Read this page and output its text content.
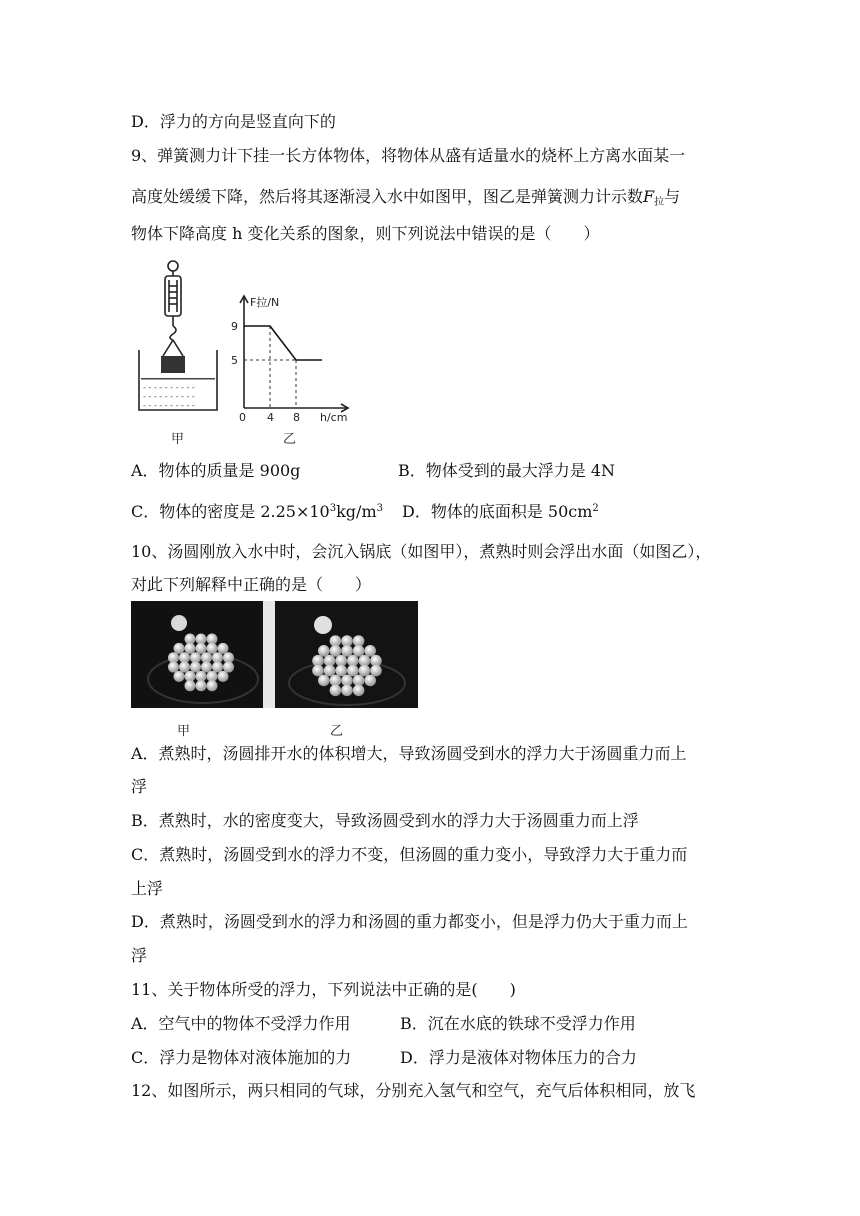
D．浮力的方向是竖直向下的
9、弹簧测力计下挂一长方体物体，将物体从盛有适量水的烧杯上方离水面某一
高度处缓缓下降，然后将其逐渐浸入水中如图甲，图乙是弹簧测力计示数$F_拉$与
物体下降高度 h 变化关系的图象，则下列说法中错误的是（　　）
- - - - - - - - - -
- - - - - - - - - -
- - - - - - - - - -
甲
F拉/N
h/cm
0
9
5
4 8
乙
A．物体的质量是 900g	B．物体受到的最大浮力是 4N
C．物体的密度是 $2.25\times 10^3kg/m^3$ D．物体的底面积是 $50cm^2$
10、汤圆刚放入水中时，会沉入锅底（如图甲），煮熟时则会浮出水面（如图乙），
对此下列解释中正确的是（　　）
甲	乙
A．煮熟时，汤圆排开水的体积增大，导致汤圆受到水的浮力大于汤圆重力而上
浮
B．煮熟时，水的密度变大，导致汤圆受到水的浮力大于汤圆重力而上浮
C．煮熟时，汤圆受到水的浮力不变，但汤圆的重力变小，导致浮力大于重力而
上浮
D．煮熟时，汤圆受到水的浮力和汤圆的重力都变小，但是浮力仍大于重力而上
浮
11、关于物体所受的浮力，下列说法中正确的是(　　)
A．空气中的物体不受浮力作用	B．沉在水底的铁球不受浮力作用
C．浮力是物体对液体施加的力	D．浮力是液体对物体压力的合力
12、如图所示，两只相同的气球，分别充入氢气和空气，充气后体积相同，放飞
